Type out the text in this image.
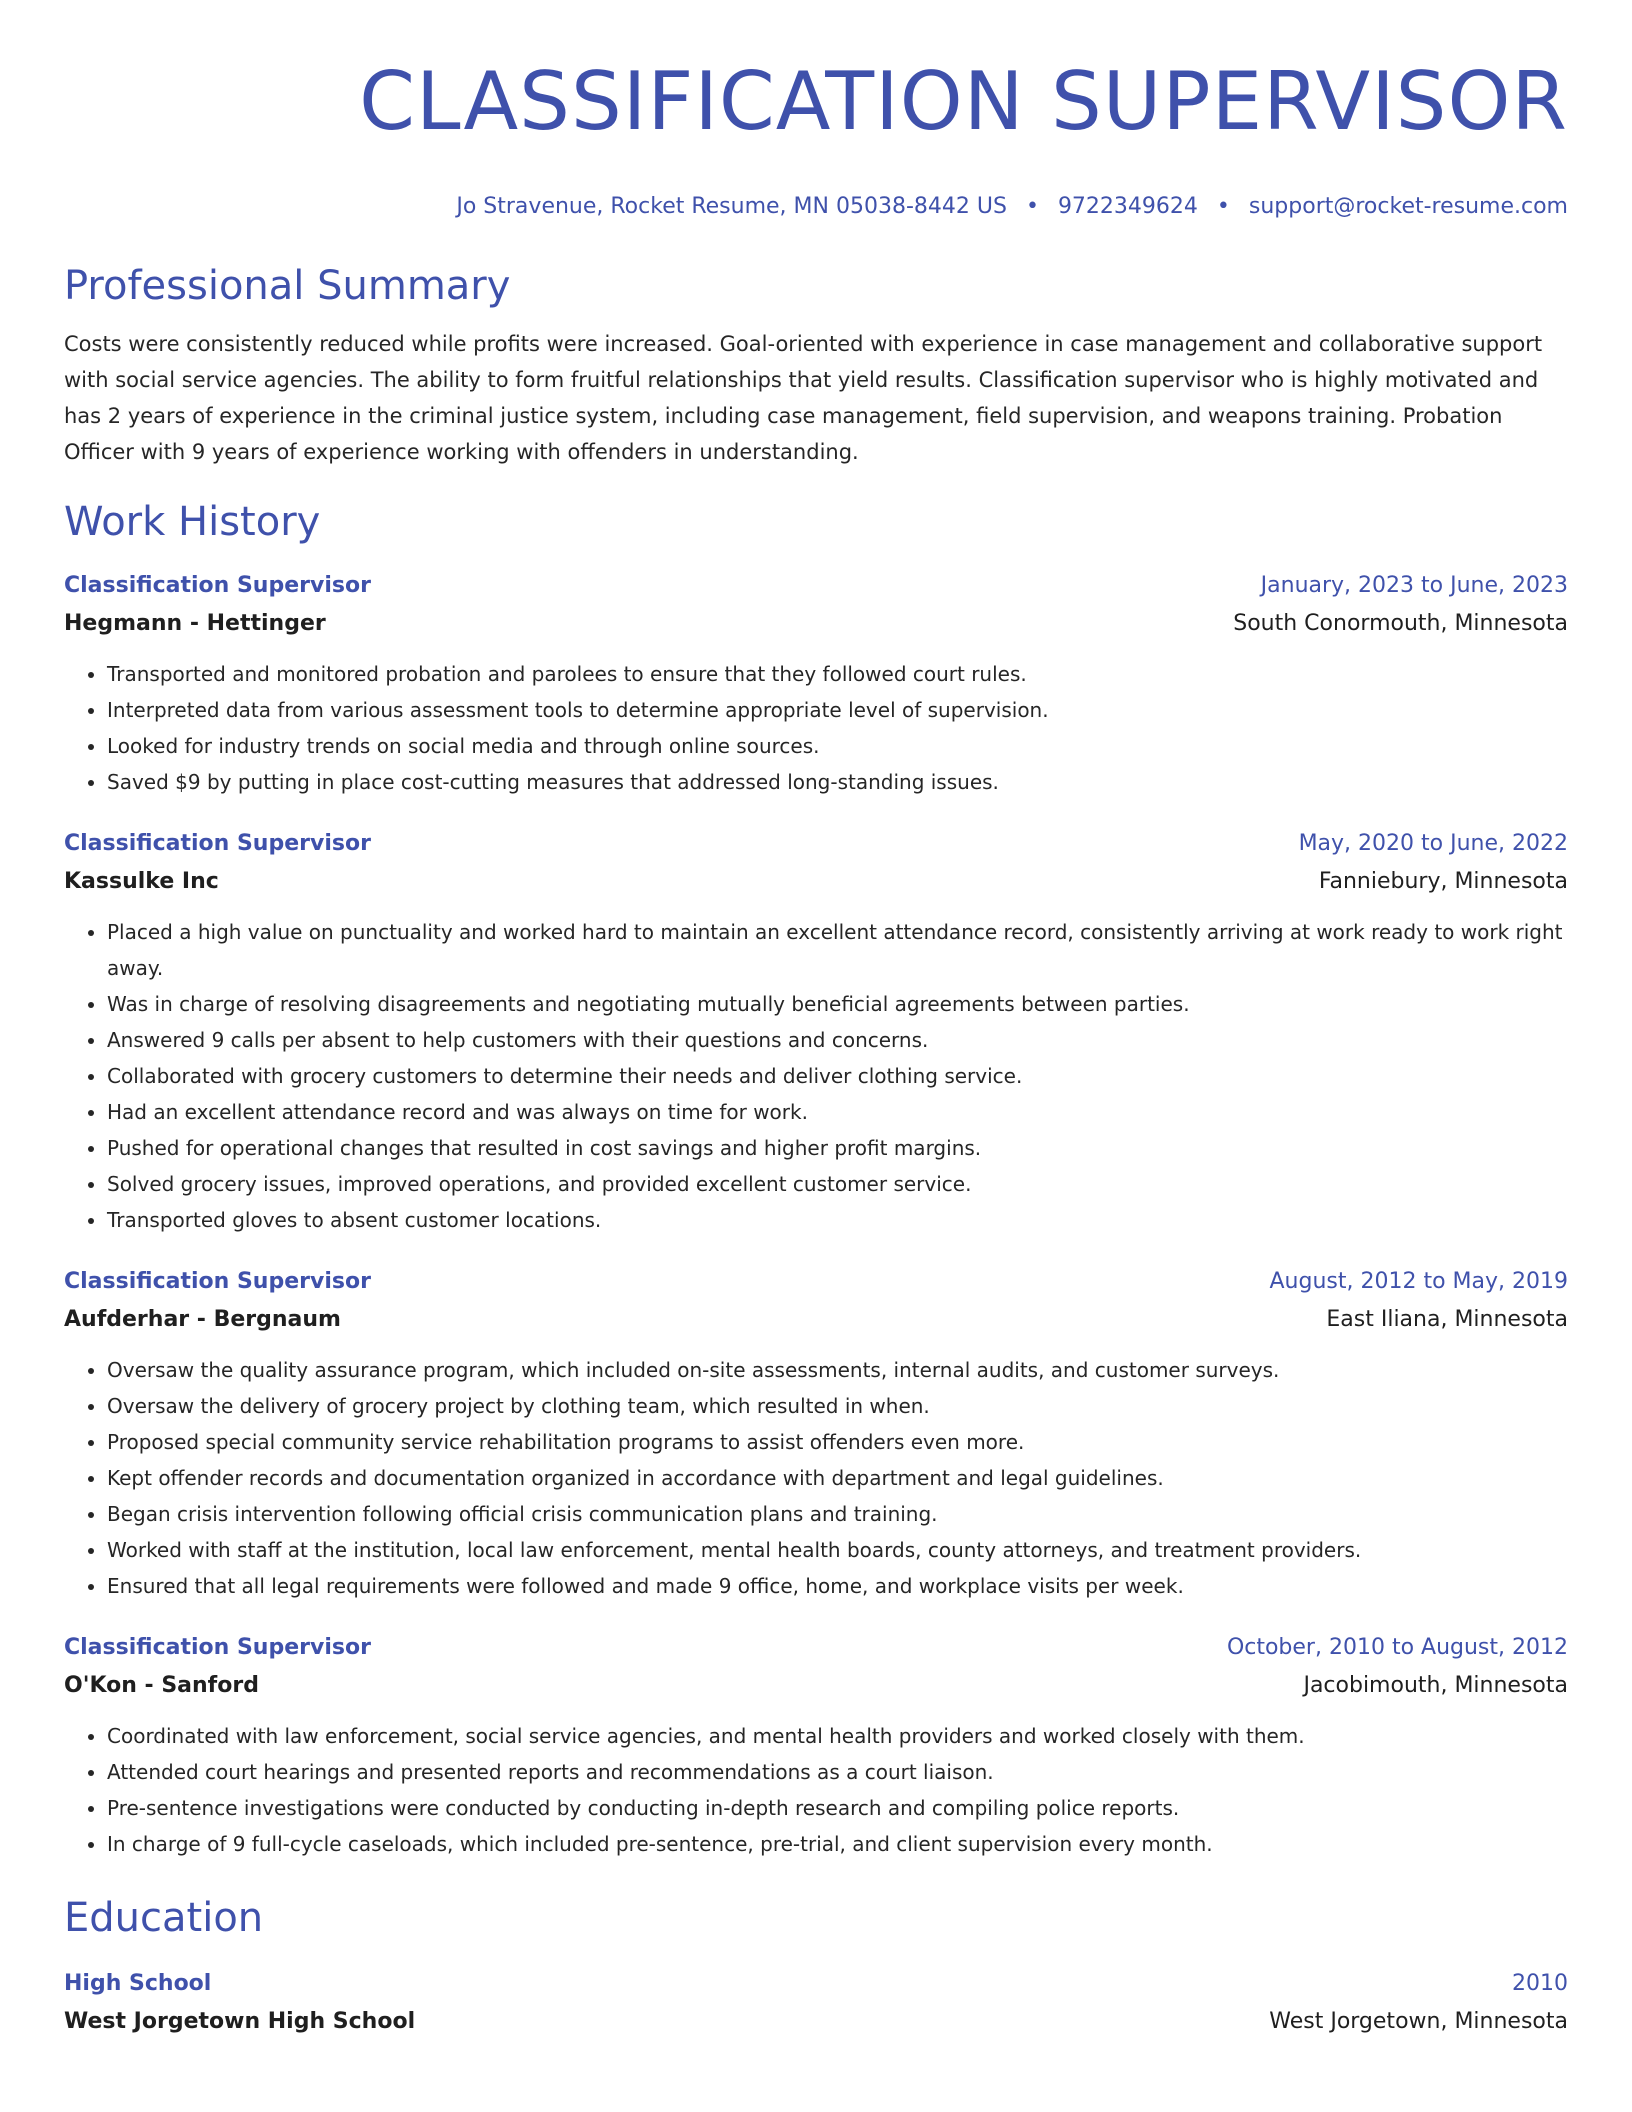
CLASSIFICATION SUPERVISOR
Jo Stravenue, Rocket Resume, MN 05038-8442 US • 9722349624 • support@rocket-resume.com
Professional Summary
Costs were consistently reduced while profits were increased. Goal-oriented with experience in case management and collaborative support with social service agencies. The ability to form fruitful relationships that yield results. Classification supervisor who is highly motivated and has 2 years of experience in the criminal justice system, including case management, field supervision, and weapons training. Probation Officer with 9 years of experience working with offenders in understanding.
Work History
Classification Supervisor	January, 2023 to June, 2023
Hegmann - Hettinger	South Conormouth, Minnesota
• Transported and monitored probation and parolees to ensure that they followed court rules.
• Interpreted data from various assessment tools to determine appropriate level of supervision.
• Looked for industry trends on social media and through online sources.
• Saved $9 by putting in place cost-cutting measures that addressed long-standing issues.
Classification Supervisor	May, 2020 to June, 2022
Kassulke Inc	Fanniebury, Minnesota
• Placed a high value on punctuality and worked hard to maintain an excellent attendance record, consistently arriving at work ready to work right away.
• Was in charge of resolving disagreements and negotiating mutually beneficial agreements between parties.
• Answered 9 calls per absent to help customers with their questions and concerns.
• Collaborated with grocery customers to determine their needs and deliver clothing service.
• Had an excellent attendance record and was always on time for work.
• Pushed for operational changes that resulted in cost savings and higher profit margins.
• Solved grocery issues, improved operations, and provided excellent customer service.
• Transported gloves to absent customer locations.
Classification Supervisor	August, 2012 to May, 2019
Aufderhar - Bergnaum	East Iliana, Minnesota
• Oversaw the quality assurance program, which included on-site assessments, internal audits, and customer surveys.
• Oversaw the delivery of grocery project by clothing team, which resulted in when.
• Proposed special community service rehabilitation programs to assist offenders even more.
• Kept offender records and documentation organized in accordance with department and legal guidelines.
• Began crisis intervention following official crisis communication plans and training.
• Worked with staff at the institution, local law enforcement, mental health boards, county attorneys, and treatment providers.
• Ensured that all legal requirements were followed and made 9 office, home, and workplace visits per week.
Classification Supervisor	October, 2010 to August, 2012
O'Kon - Sanford	Jacobimouth, Minnesota
• Coordinated with law enforcement, social service agencies, and mental health providers and worked closely with them.
• Attended court hearings and presented reports and recommendations as a court liaison.
• Pre-sentence investigations were conducted by conducting in-depth research and compiling police reports.
• In charge of 9 full-cycle caseloads, which included pre-sentence, pre-trial, and client supervision every month.
Education
High School	2010
West Jorgetown High School	West Jorgetown, Minnesota
